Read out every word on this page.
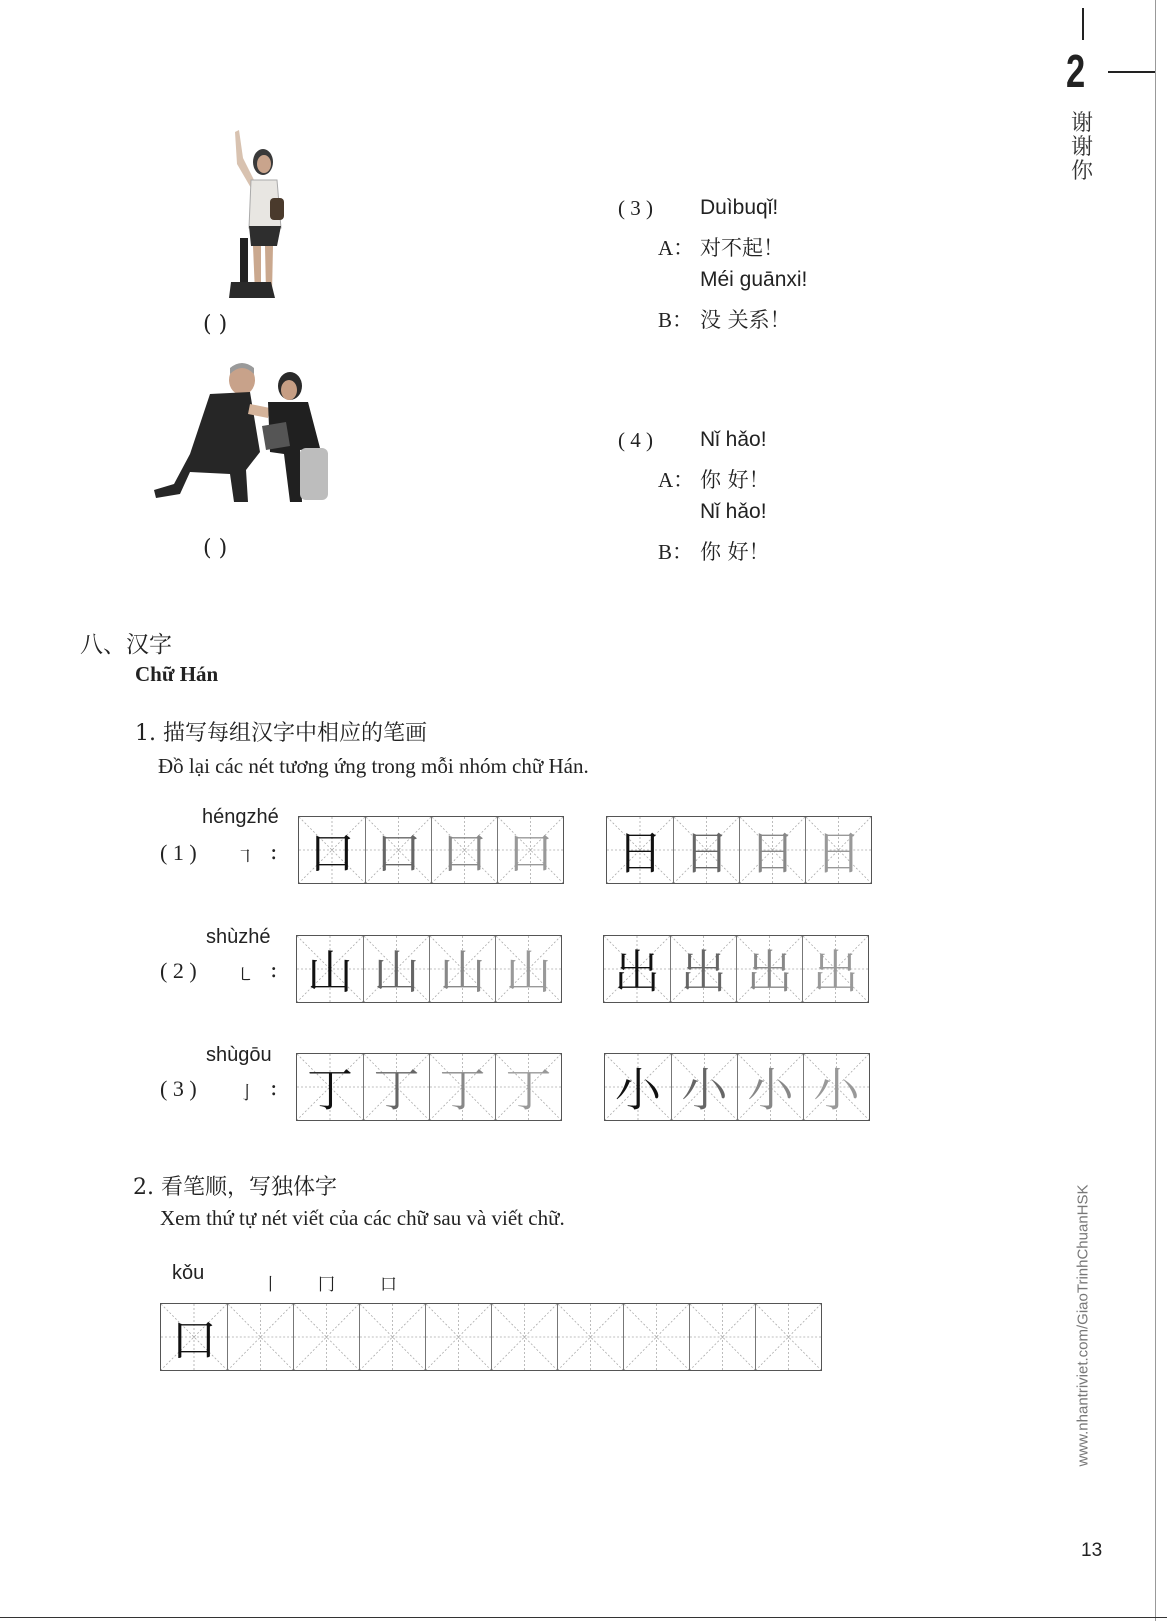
2
谢
谢
你
www.nhantriviet.com/GiaoTrinhChuanHSK
13
( )
( )
( 3 ) Duìbuqǐ!
A： 对不起！
Méi guānxi!
B： 没 关系！
( 4 ) Nǐ hǎo!
A： 你 好！
Nǐ hǎo!
B： 你 好！
八、汉字
Chữ Hán
1. 描写每组汉字中相应的笔画
Đồ lại các nét tương ứng trong mỗi nhóm chữ Hán.
héngzhé
( 1 ) ㇕ : 口 口 口 口 日 日 日 日
shùzhé
( 2 ) ㇄ : 山 山 山 山 出 出 出 出
shùgōu
( 3 ) 亅 : 丁 丁 丁 丁 小 小 小 小
2. 看笔顺，写独体字
Xem thứ tự nét viết của các chữ sau và viết chữ.
kǒu
丨 冂	口
口
